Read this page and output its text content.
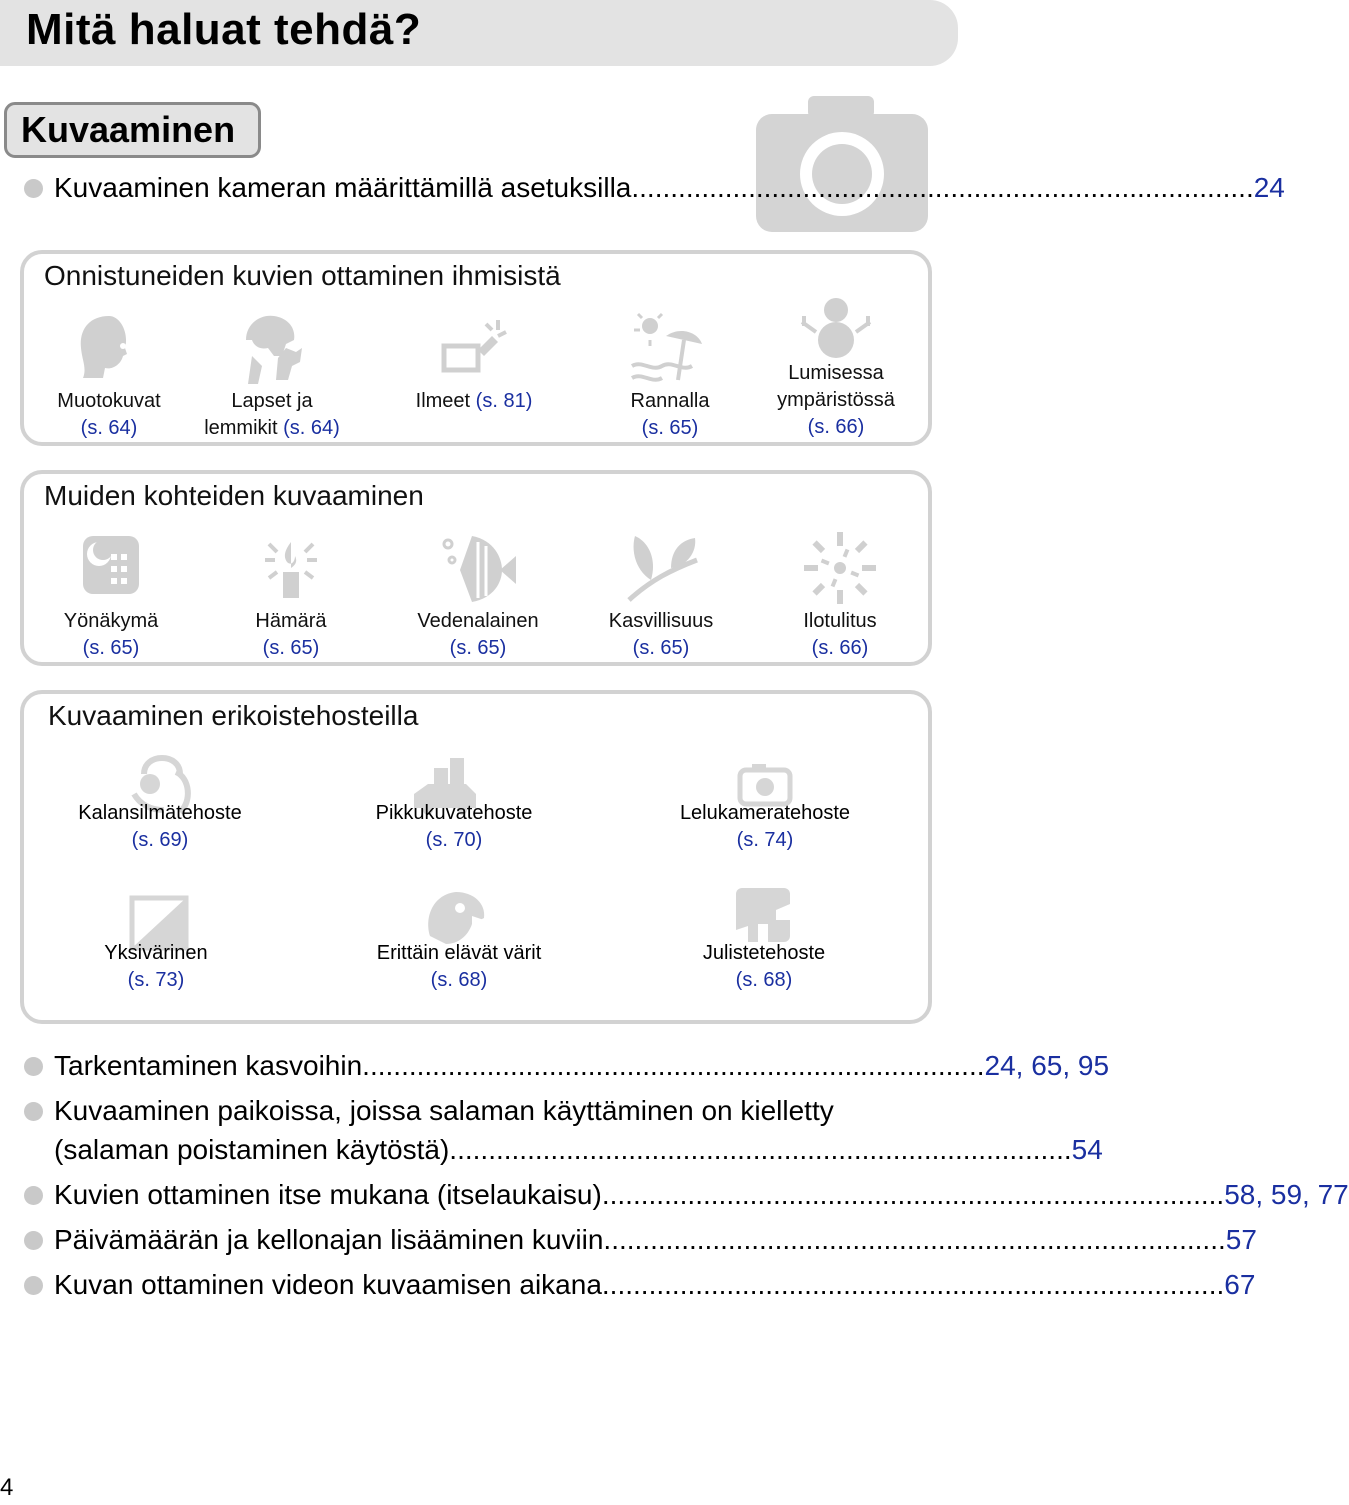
Mitä haluat tehdä?
Kuvaaminen
Kuvaaminen kameran määrittämillä asetuksilla ................................................................................ 24
Onnistuneiden kuvien ottaminen ihmisistä
Muotokuvat
(s. 64)
Lapset ja
lemmikit (s. 64)
Ilmeet (s. 81)	Rannalla
(s. 65)
Lumisessa
ympäristössä
(s. 66)
Muiden kohteiden kuvaaminen
Yönäkymä
(s. 65)
Hämärä
(s. 65)
Vedenalainen
(s. 65)
Kasvillisuus
(s. 65)
Ilotulitus
(s. 66)
Kuvaaminen erikoistehosteilla
Kalansilmätehoste
(s. 69)
Pikkukuvatehoste
(s. 70)
Lelukameratehoste
(s. 74)
Yksivärinen
(s. 73)
Erittäin elävät värit
(s. 68)
Julistetehoste
(s. 68)
Tarkentaminen kasvoihin ................................................................................ 24, 65, 95
Kuvaaminen paikoissa, joissa salaman käyttäminen on kielletty
(salaman poistaminen käytöstä) ................................................................................ 54
Kuvien ottaminen itse mukana (itselaukaisu) ................................................................................ 58, 59, 77
Päivämäärän ja kellonajan lisääminen kuviin ................................................................................ 57
Kuvan ottaminen videon kuvaamisen aikana ................................................................................ 67
4
